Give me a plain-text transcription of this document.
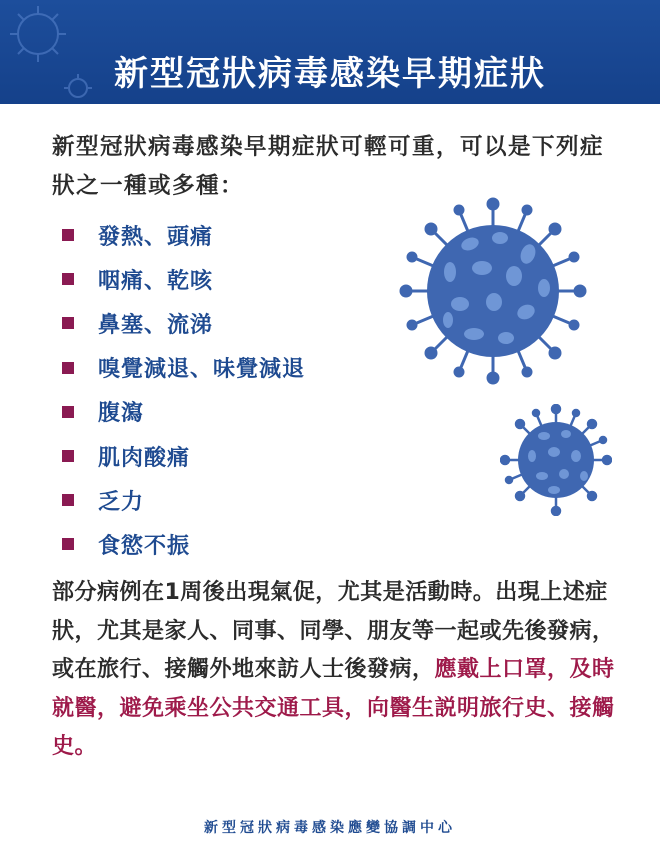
新型冠狀病毒感染早期症狀
新型冠狀病毒感染早期症狀可輕可重，可以是下列症狀之一種或多種：
發熱、頭痛
咽痛、乾咳
鼻塞、流涕
嗅覺減退、味覺減退
腹瀉
肌肉酸痛
乏力
食慾不振
部分病例在1周後出現氣促，尤其是活動時。出現上述症狀，尤其是家人、同事、同學、朋友等一起或先後發病，或在旅行、接觸外地來訪人士後發病，應戴上口罩，及時就醫，避免乘坐公共交通工具，向醫生説明旅行史、接觸史。
新型冠狀病毒感染應變協調中心
